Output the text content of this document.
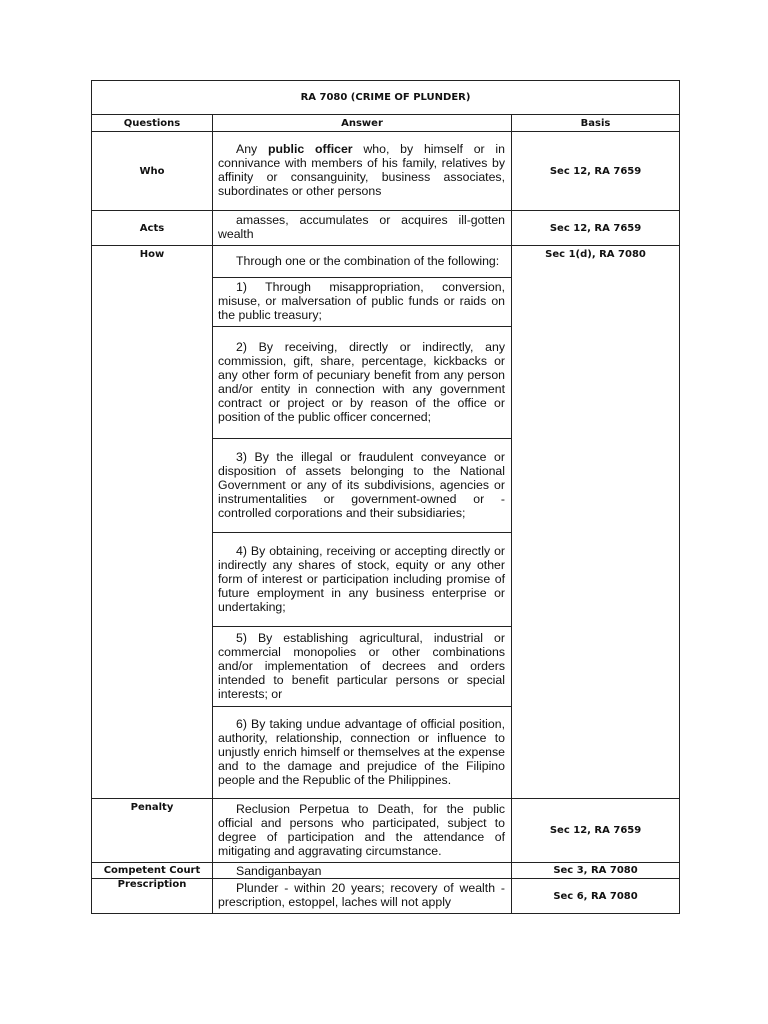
RA 7080 (CRIME OF PLUNDER)		
Questions	Answer	Basis
Who	Any public officer who, by himself or in connivance with members of his family, relatives by affinity or consanguinity, business associates, subordinates or other persons	Sec 12, RA 7659
Acts	amasses, accumulates or acquires ill-gotten wealth	Sec 12, RA 7659
How	Through one or the combination of the following:	Sec 1(d), RA 7080
	1) Through misappropriation, conversion, misuse, or malversation of public funds or raids on the public treasury;	
	2) By receiving, directly or indirectly, any commission, gift, share, percentage, kickbacks or any other form of pecuniary benefit from any person and/or entity in connection with any government contract or project or by reason of the office or position of the public officer concerned;	
	3) By the illegal or fraudulent conveyance or disposition of assets belonging to the National Government or any of its subdivisions, agencies or instrumentalities or government-owned or -controlled corporations and their subsidiaries;	
	4) By obtaining, receiving or accepting directly or indirectly any shares of stock, equity or any other form of interest or participation including promise of future employment in any business enterprise or undertaking;	
	5) By establishing agricultural, industrial or commercial monopolies or other combinations and/or implementation of decrees and orders intended to benefit particular persons or special interests; or	
	6) By taking undue advantage of official position, authority, relationship, connection or influence to unjustly enrich himself or themselves at the expense and to the damage and prejudice of the Filipino people and the Republic of the Philippines.	
Penalty	Reclusion Perpetua to Death, for the public official and persons who participated, subject to degree of participation and the attendance of mitigating and aggravating circumstance.	Sec 12, RA 7659
Competent Court	Sandiganbayan	Sec 3, RA 7080
Prescription	Plunder - within 20 years; recovery of wealth - prescription, estoppel, laches will not apply	Sec 6, RA 7080
